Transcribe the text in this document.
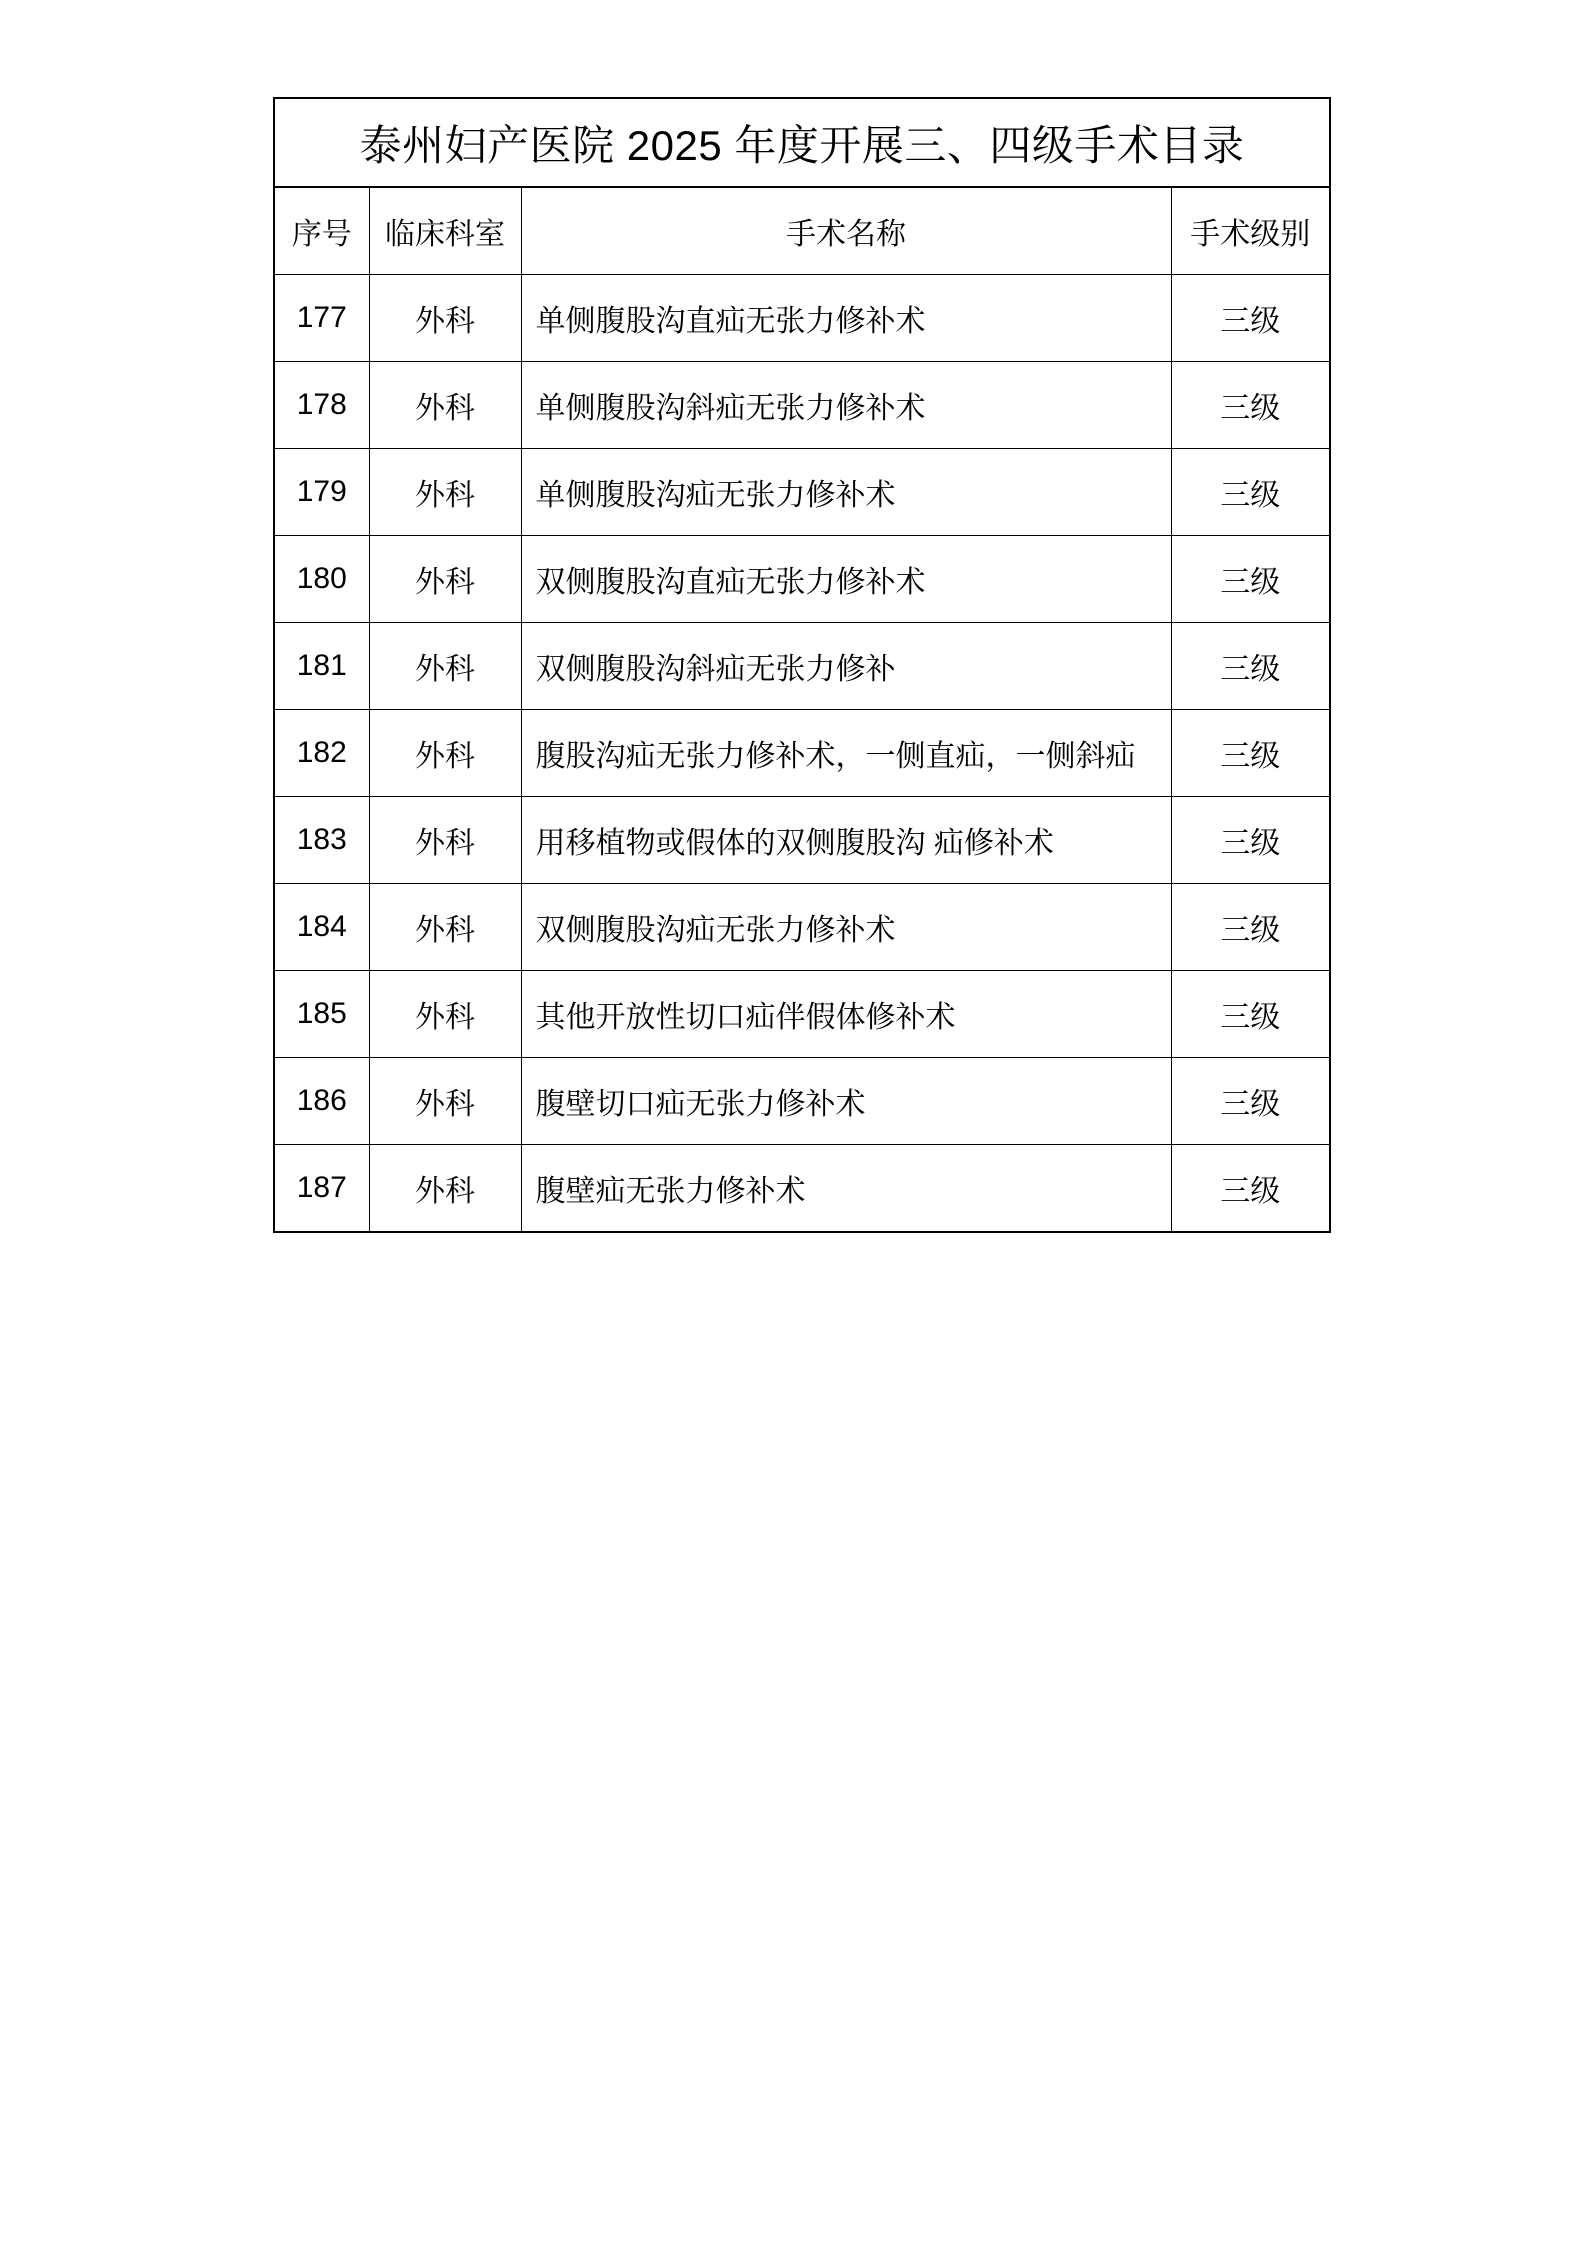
泰州妇产医院 2025 年度开展三、四级手术目录			
序号	临床科室	手术名称	手术级别
177	外科	单侧腹股沟直疝无张力修补术	三级
178	外科	单侧腹股沟斜疝无张力修补术	三级
179	外科	单侧腹股沟疝无张力修补术	三级
180	外科	双侧腹股沟直疝无张力修补术	三级
181	外科	双侧腹股沟斜疝无张力修补	三级
182	外科	腹股沟疝无张力修补术，一侧直疝，一侧斜疝	三级
183	外科	用移植物或假体的双侧腹股沟 疝修补术	三级
184	外科	双侧腹股沟疝无张力修补术	三级
185	外科	其他开放性切口疝伴假体修补术	三级
186	外科	腹壁切口疝无张力修补术	三级
187	外科	腹壁疝无张力修补术	三级
